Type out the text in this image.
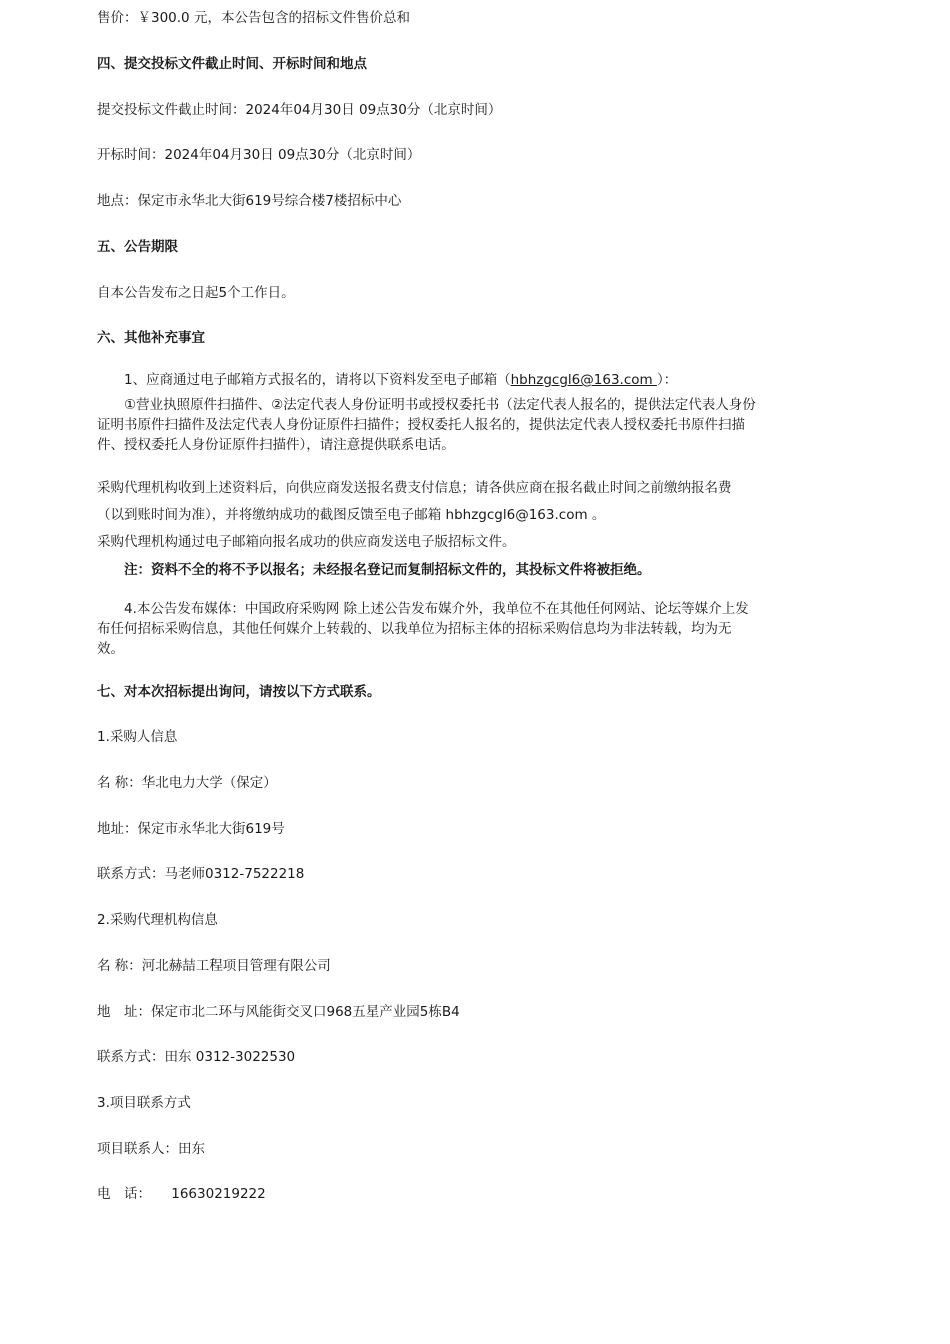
售价：￥300.0 元，本公告包含的招标文件售价总和
四、提交投标文件截止时间、开标时间和地点
提交投标文件截止时间：2024年04月30日 09点30分（北京时间）
开标时间：2024年04月30日 09点30分（北京时间）
地点：保定市永华北大街619号综合楼7楼招标中心
五、公告期限
自本公告发布之日起5个工作日。
六、其他补充事宜
1、应商通过电子邮箱方式报名的，请将以下资料发至电子邮箱（hbhzgcgl6@163.com ）：
①营业执照原件扫描件、②法定代表人身份证明书或授权委托书（法定代表人报名的，提供法定代表人身份证明书原件扫描件及法定代表人身份证原件扫描件；授权委托人报名的，提供法定代表人授权委托书原件扫描件、授权委托人身份证原件扫描件），请注意提供联系电话。
采购代理机构收到上述资料后，向供应商发送报名费支付信息；请各供应商在报名截止时间之前缴纳报名费
（以到账时间为准），并将缴纳成功的截图反馈至电子邮箱 hbhzgcgl6@163.com 。
采购代理机构通过电子邮箱向报名成功的供应商发送电子版招标文件。
注：资料不全的将不予以报名；未经报名登记而复制招标文件的，其投标文件将被拒绝。
4.本公告发布媒体：中国政府采购网 除上述公告发布媒介外，我单位不在其他任何网站、论坛等媒介上发布任何招标采购信息，其他任何媒介上转载的、以我单位为招标主体的招标采购信息均为非法转载，均为无效。
七、对本次招标提出询问，请按以下方式联系。
1.采购人信息
名 称：华北电力大学（保定）
地址：保定市永华北大街619号
联系方式：马老师0312-7522218
2.采购代理机构信息
名 称：河北赫喆工程项目管理有限公司
地　址：保定市北二环与风能街交叉口968五星产业园5栋B4
联系方式：田东 0312-3022530
3.项目联系方式
项目联系人：田东
电　话：　　16630219222
